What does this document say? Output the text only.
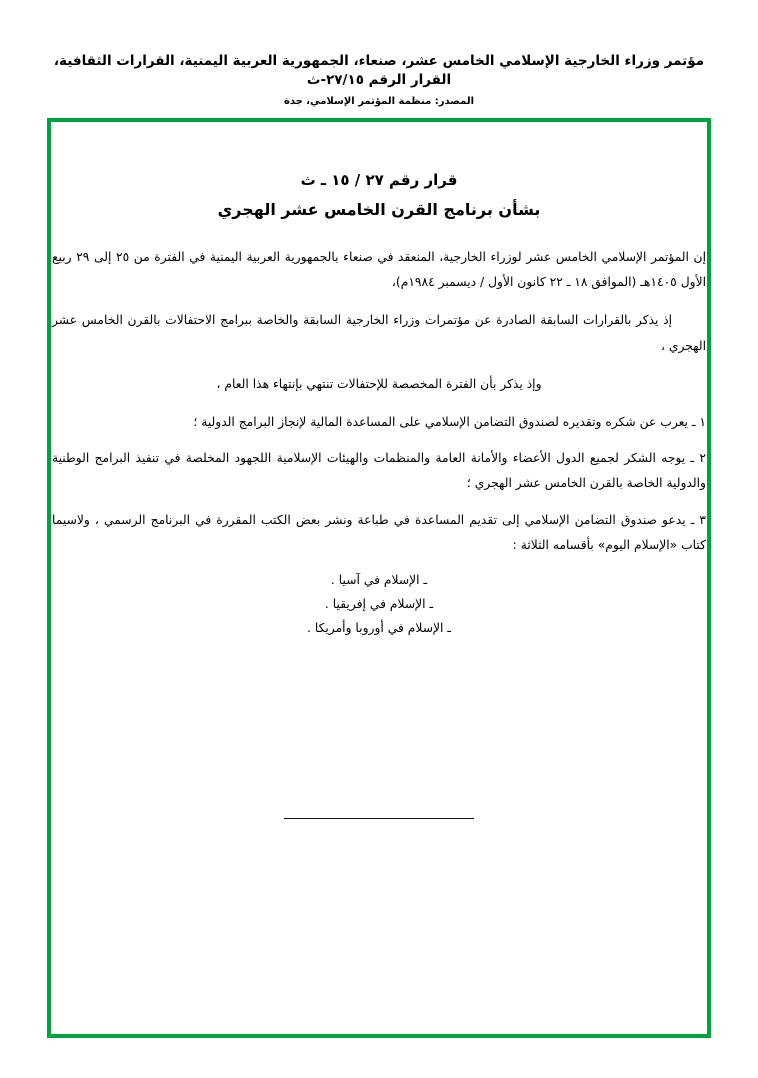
مؤتمر وزراء الخارجية الإسلامي الخامس عشر، صنعاء، الجمهورية العربية اليمنية، القرارات الثقافية، القرار الرقم ٢٧/١٥-ث
المصدر: منظمة المؤتمر الإسلامي، جدة
قرار رقم ٢٧ / ١٥ ـ ث
بشأن برنامج القرن الخامس عشر الهجري
إن المؤتمر الإسلامي الخامس عشر لوزراء الخارجية، المنعقد في صنعاء بالجمهورية العربية اليمنية في الفترة من ٢٥ إلى ٢٩ ربيع الأول ١٤٠٥هـ (الموافق ١٨ ـ ٢٢ كانون الأول / ديسمبر ١٩٨٤م)،
إذ يذكر بالقرارات السابقة الصادرة عن مؤتمرات وزراء الخارجية السابقة والخاصة ببرامج الاحتفالات بالقرن الخامس عشر الهجري ،
وإذ يذكر بأن الفترة المخصصة للإحتفالات تنتهي بإنتهاء هذا العام ،
١ ـ يعرب عن شكره وتقديره لصندوق التضامن الإسلامي على المساعدة المالية لإنجاز البرامج الدولية ؛
٢ ـ يوجه الشكر لجميع الدول الأعضاء والأمانة العامة والمنظمات والهيئات الإسلامية اللجهود المخلصة في تنفيذ البرامج الوطنية والدولية الخاصة بالقرن الخامس عشر الهجري ؛
٣ ـ يدعو صندوق التضامن الإسلامي إلى تقديم المساعدة في طباعة ونشر بعض الكتب المقررة في البرنامج الرسمي ، ولاسيما كتاب «الإسلام اليوم» بأقسامه الثلاثة :
ـ الإسلام في آسيا .
ـ الإسلام في إفريقيا .
ـ الإسلام في أوروبا وأمريكا .
